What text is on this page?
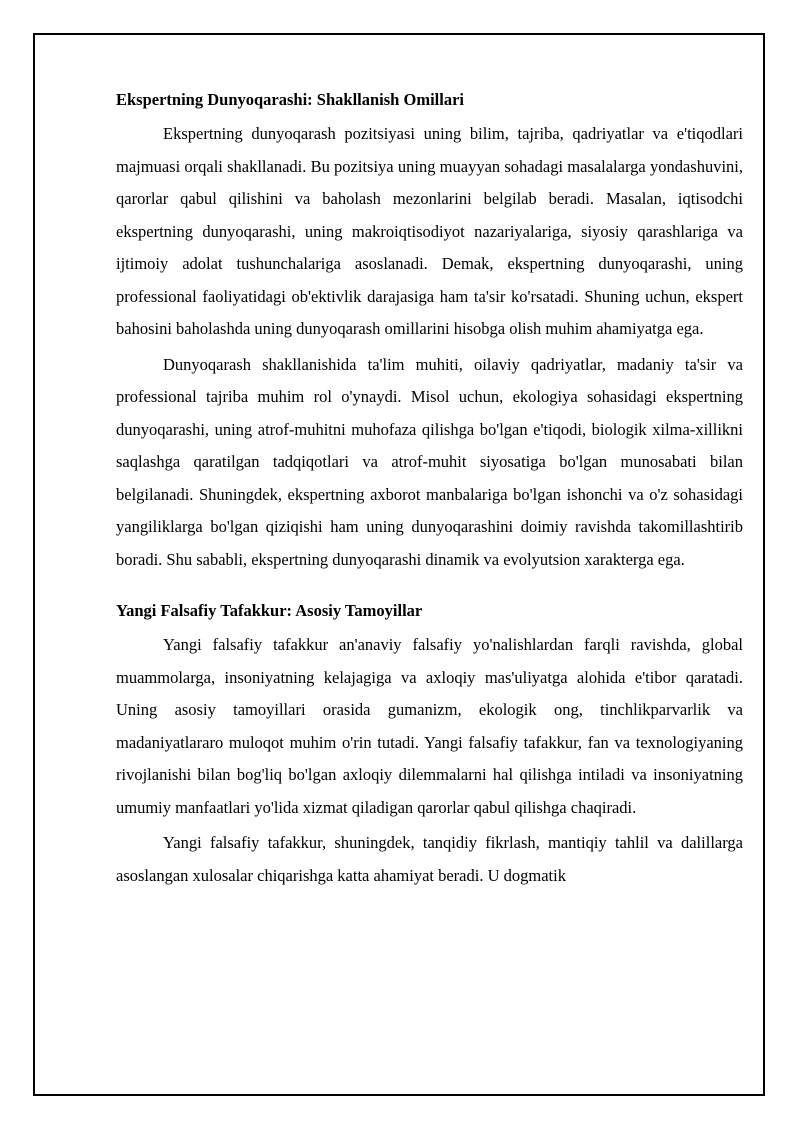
Ekspertning Dunyoqarashi: Shakllanish Omillari

Ekspertning dunyoqarash pozitsiyasi uning bilim, tajriba, qadriyatlar va e'tiqodlari majmuasi orqali shakllanadi. Bu pozitsiya uning muayyan sohadagi masalalarga yondashuvini, qarorlar qabul qilishini va baholash mezonlarini belgilab beradi. Masalan, iqtisodchi ekspertning dunyoqarashi, uning makroiqtisodiyot nazariyalariga, siyosiy qarashlariga va ijtimoiy adolat tushunchalariga asoslanadi. Demak, ekspertning dunyoqarashi, uning professional faoliyatidagi ob'ektivlik darajasiga ham ta'sir ko'rsatadi. Shuning uchun, ekspert bahosini baholashda uning dunyoqarash omillarini hisobga olish muhim ahamiyatga ega.

Dunyoqarash shakllanishida ta'lim muhiti, oilaviy qadriyatlar, madaniy ta'sir va professional tajriba muhim rol o'ynaydi. Misol uchun, ekologiya sohasidagi ekspertning dunyoqarashi, uning atrof-muhitni muhofaza qilishga bo'lgan e'tiqodi, biologik xilma-xillikni saqlashga qaratilgan tadqiqotlari va atrof-muhit siyosatiga bo'lgan munosabati bilan belgilanadi. Shuningdek, ekspertning axborot manbalariga bo'lgan ishonchi va o'z sohasidagi yangiliklarga bo'lgan qiziqishi ham uning dunyoqarashini doimiy ravishda takomillashtirib boradi. Shu sababli, ekspertning dunyoqarashi dinamik va evolyutsion xarakterga ega.

Yangi Falsafiy Tafakkur: Asosiy Tamoyillar

Yangi falsafiy tafakkur an'anaviy falsafiy yo'nalishlardan farqli ravishda, global muammolarga, insoniyatning kelajagiga va axloqiy mas'uliyatga alohida e'tibor qaratadi. Uning asosiy tamoyillari orasida gumanizm, ekologik ong, tinchlikparvarlik va madaniyatlararo muloqot muhim o'rin tutadi. Yangi falsafiy tafakkur, fan va texnologiyaning rivojlanishi bilan bog'liq bo'lgan axloqiy dilemmalarni hal qilishga intiladi va insoniyatning umumiy manfaatlari yo'lida xizmat qiladigan qarorlar qabul qilishga chaqiradi.

Yangi falsafiy tafakkur, shuningdek, tanqidiy fikrlash, mantiqiy tahlil va dalillarga asoslangan xulosalar chiqarishga katta ahamiyat beradi. U dogmatik
